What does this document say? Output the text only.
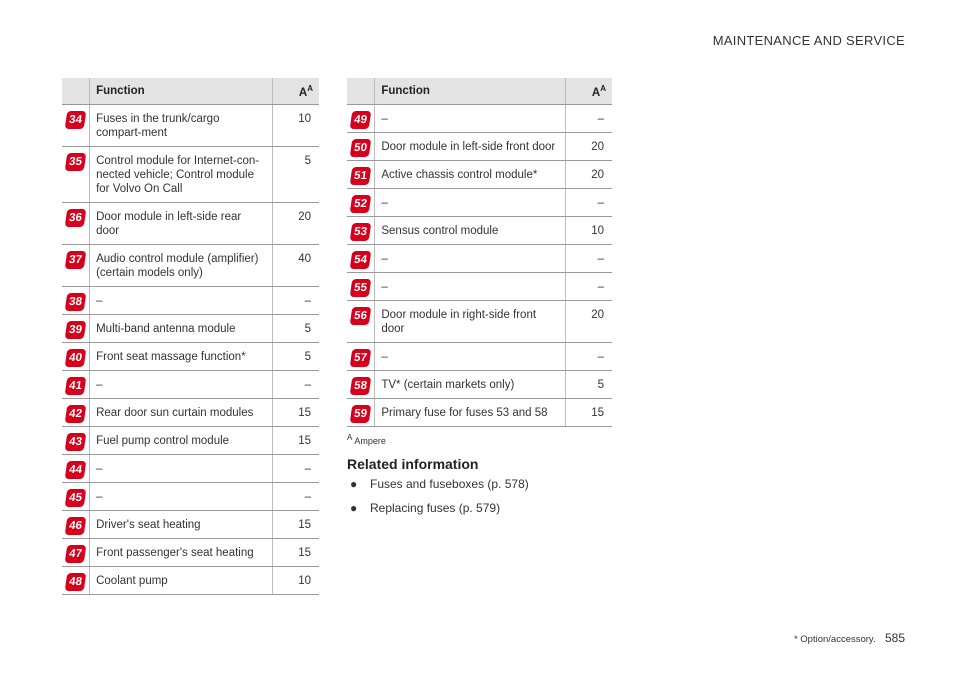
MAINTENANCE AND SERVICE
	Function	$A^A$
34	Fuses in the trunk/cargo compart-ment	10
35	Control module for Internet-con-nected vehicle; Control module for Volvo On Call	5
36	Door module in left-side rear door	20
37	Audio control module (amplifier) (certain models only)	40
38	–	–
39	Multi-band antenna module	5
40	Front seat massage function*	5
41	–	–
42	Rear door sun curtain modules	15
43	Fuel pump control module	15
44	–	–
45	–	–
46	Driver's seat heating	15
47	Front passenger's seat heating	15
48	Coolant pump	10
	Function	$A^A$
49	–	–
50	Door module in left-side front door	20
51	Active chassis control module*	20
52	–	–
53	Sensus control module	10
54	–	–
55	–	–
56	Door module in right-side front door	20
57	–	–
58	TV* (certain markets only)	5
59	Primary fuse for fuses 53 and 58	15
$^A$ Ampere
Related information
● Fuses and fuseboxes (p. 578)
● Replacing fuses (p. 579)
* Option/accessory. 585
